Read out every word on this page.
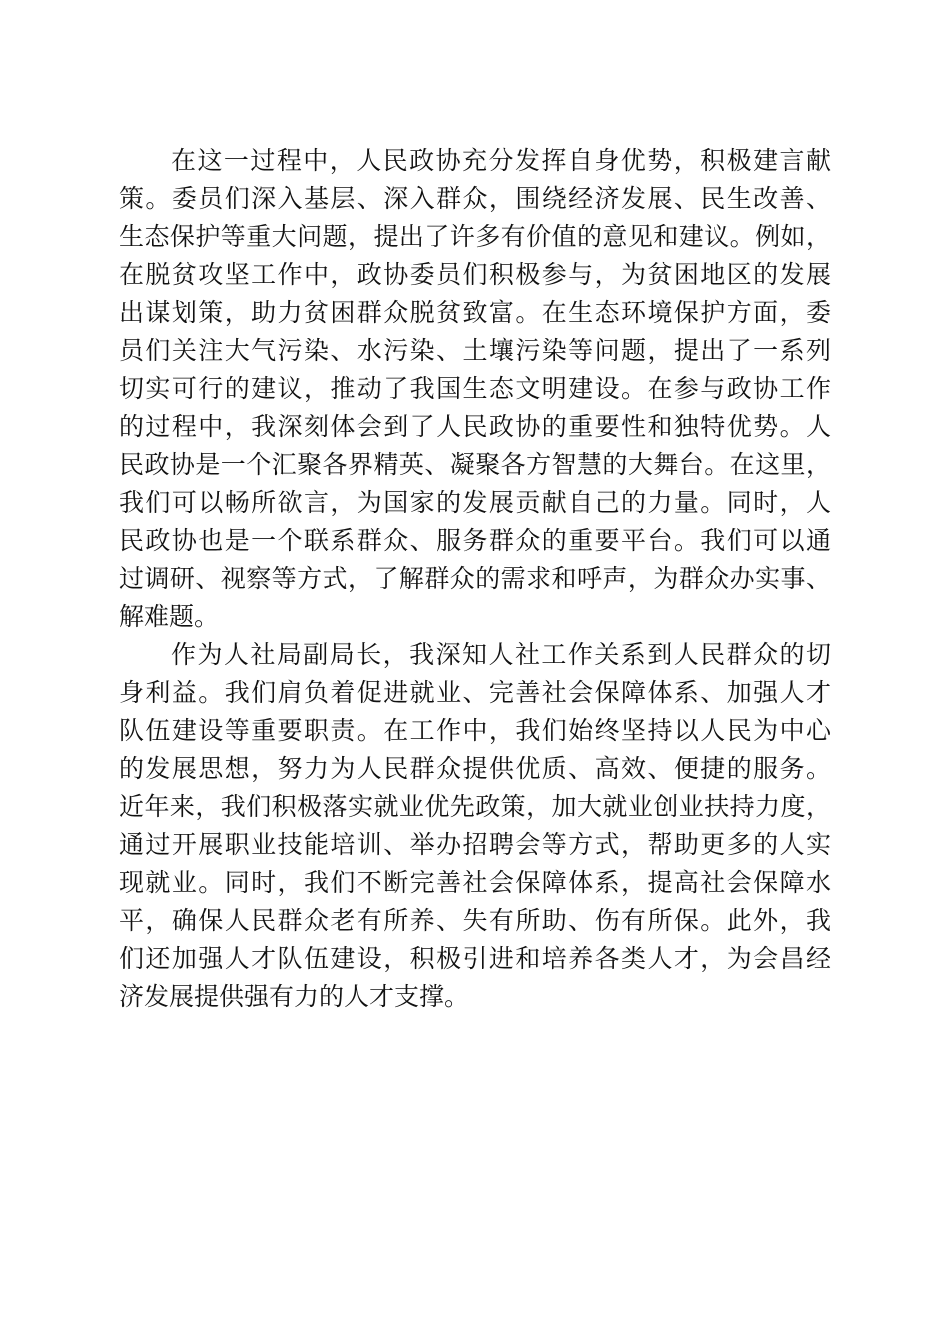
在这一过程中，人民政协充分发挥自身优势，积极建言献
策。委员们深入基层、深入群众，围绕经济发展、民生改善、
生态保护等重大问题，提出了许多有价值的意见和建议。例如，
在脱贫攻坚工作中，政协委员们积极参与，为贫困地区的发展
出谋划策，助力贫困群众脱贫致富。在生态环境保护方面，委
员们关注大气污染、水污染、土壤污染等问题，提出了一系列
切实可行的建议，推动了我国生态文明建设。在参与政协工作
的过程中，我深刻体会到了人民政协的重要性和独特优势。人
民政协是一个汇聚各界精英、凝聚各方智慧的大舞台。在这里，
我们可以畅所欲言，为国家的发展贡献自己的力量。同时，人
民政协也是一个联系群众、服务群众的重要平台。我们可以通
过调研、视察等方式，了解群众的需求和呼声，为群众办实事、
解难题。
作为人社局副局长，我深知人社工作关系到人民群众的切
身利益。我们肩负着促进就业、完善社会保障体系、加强人才
队伍建设等重要职责。在工作中，我们始终坚持以人民为中心
的发展思想，努力为人民群众提供优质、高效、便捷的服务。
近年来，我们积极落实就业优先政策，加大就业创业扶持力度，
通过开展职业技能培训、举办招聘会等方式，帮助更多的人实
现就业。同时，我们不断完善社会保障体系，提高社会保障水
平，确保人民群众老有所养、失有所助、伤有所保。此外，我
们还加强人才队伍建设，积极引进和培养各类人才，为会昌经
济发展提供强有力的人才支撑。
